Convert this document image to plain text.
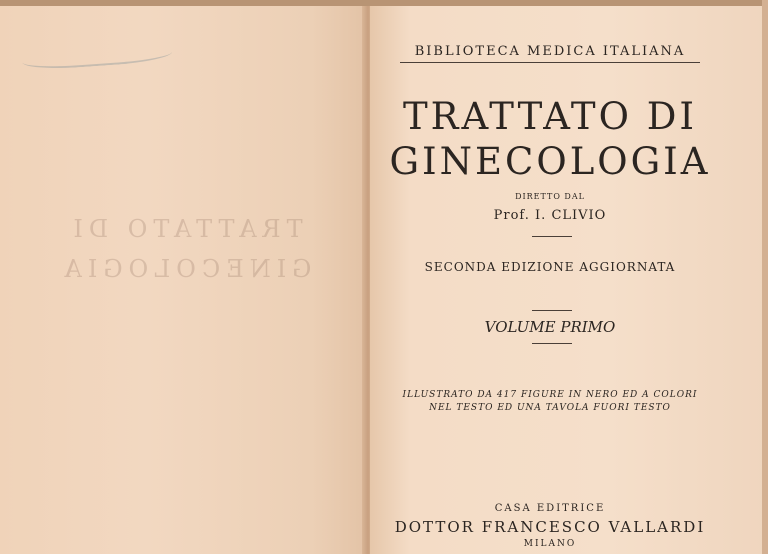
TRATTATO DI
GINECOLOGIA
BIBLIOTECA MEDICA ITALIANA
TRATTATO DI
GINECOLOGIA
DIRETTO DAL
Prof. I. CLIVIO
SECONDA EDIZIONE AGGIORNATA
VOLUME PRIMO
ILLUSTRATO DA 417 FIGURE IN NERO ED A COLORI
NEL TESTO ED UNA TAVOLA FUORI TESTO
CASA EDITRICE
DOTTOR FRANCESCO VALLARDI
MILANO
